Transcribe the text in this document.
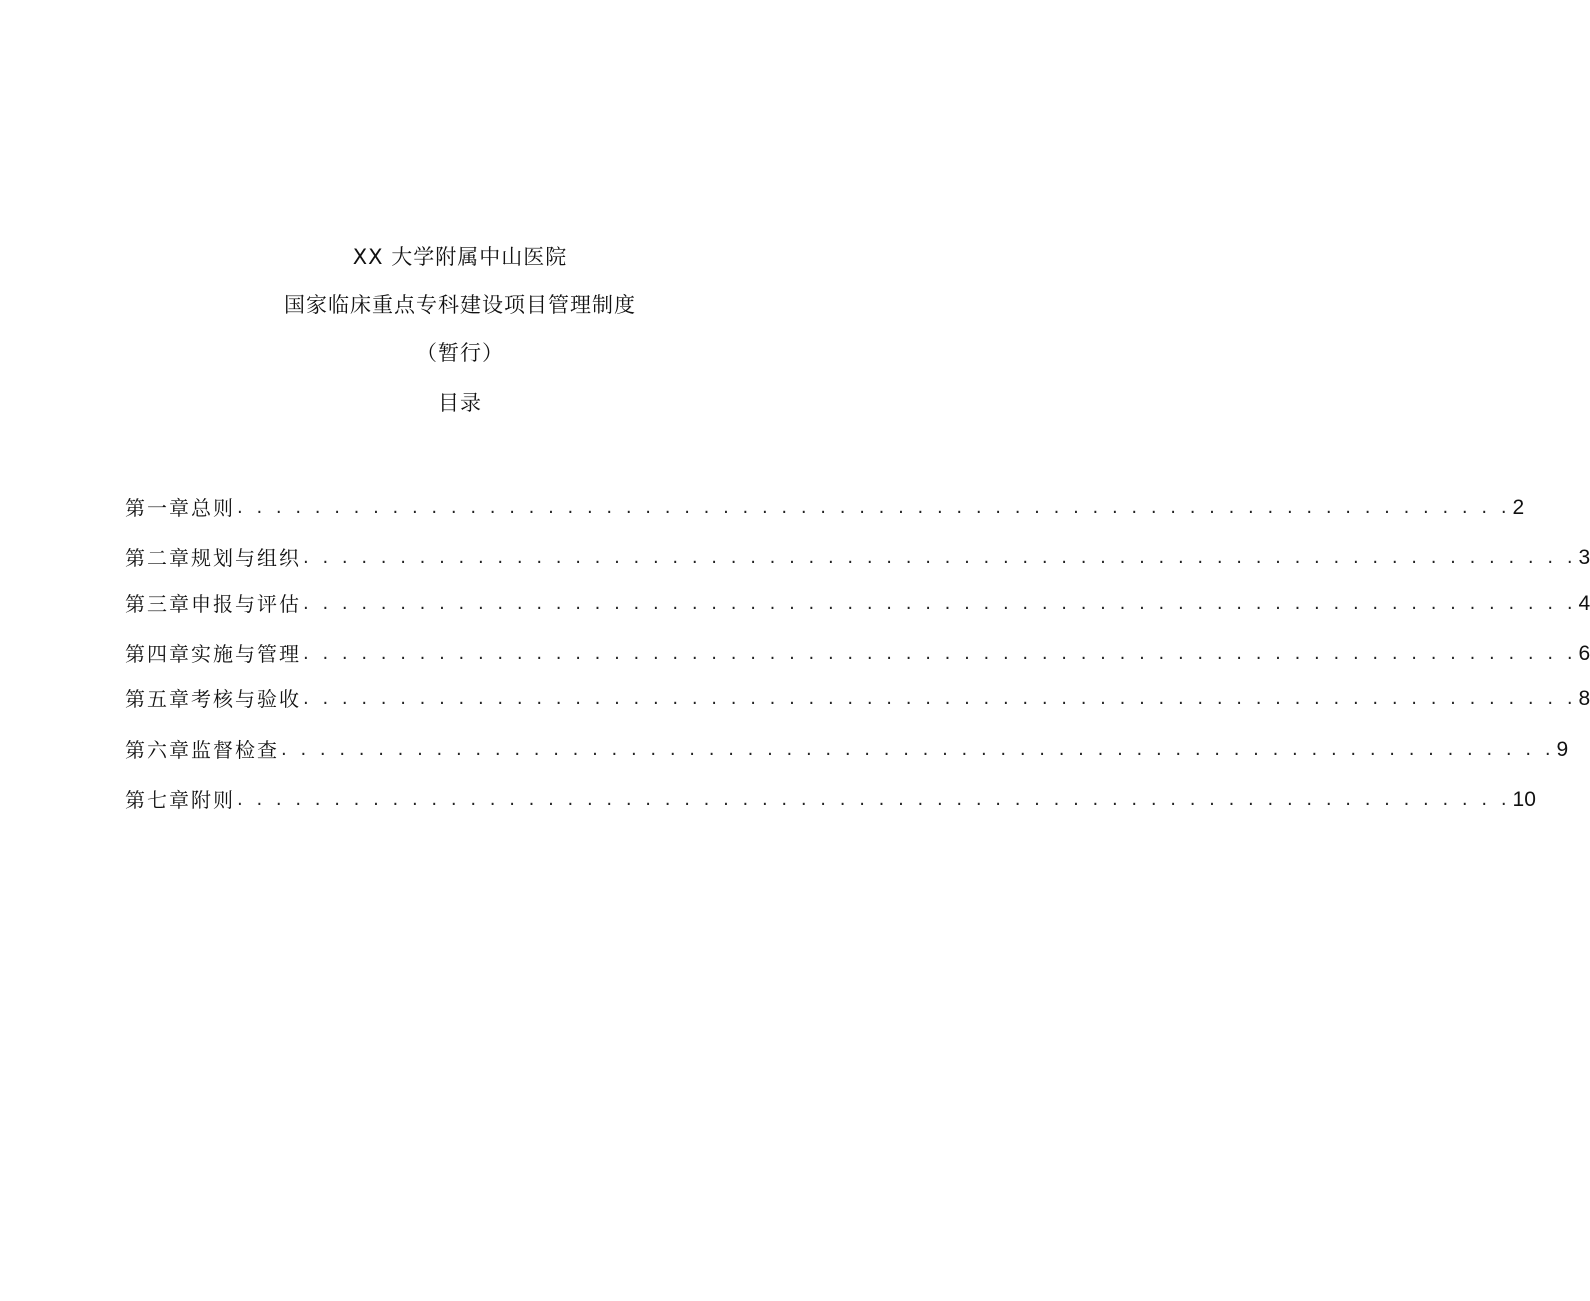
XX 大学附属中山医院
国家临床重点专科建设项目管理制度
（暂行）
目录
第一章总则 . . . . . . . . . . . . . . . . . . . . . . . . . . . . . . . . . . . . . . . . . . . . . . . . . . . . . . . . . . . . . . . . . . 2
第二章规划与组织 . . . . . . . . . . . . . . . . . . . . . . . . . . . . . . . . . . . . . . . . . . . . . . . . . . . . . . . . . . . . . . . . . . 3
第三章申报与评估 . . . . . . . . . . . . . . . . . . . . . . . . . . . . . . . . . . . . . . . . . . . . . . . . . . . . . . . . . . . . . . . . . . 4
第四章实施与管理 . . . . . . . . . . . . . . . . . . . . . . . . . . . . . . . . . . . . . . . . . . . . . . . . . . . . . . . . . . . . . . . . . . 6
第五章考核与验收 . . . . . . . . . . . . . . . . . . . . . . . . . . . . . . . . . . . . . . . . . . . . . . . . . . . . . . . . . . . . . . . . . . 8
第六章监督检查 . . . . . . . . . . . . . . . . . . . . . . . . . . . . . . . . . . . . . . . . . . . . . . . . . . . . . . . . . . . . . . . . . . 9
第七章附则 . . . . . . . . . . . . . . . . . . . . . . . . . . . . . . . . . . . . . . . . . . . . . . . . . . . . . . . . . . . . . . . . . . 10
